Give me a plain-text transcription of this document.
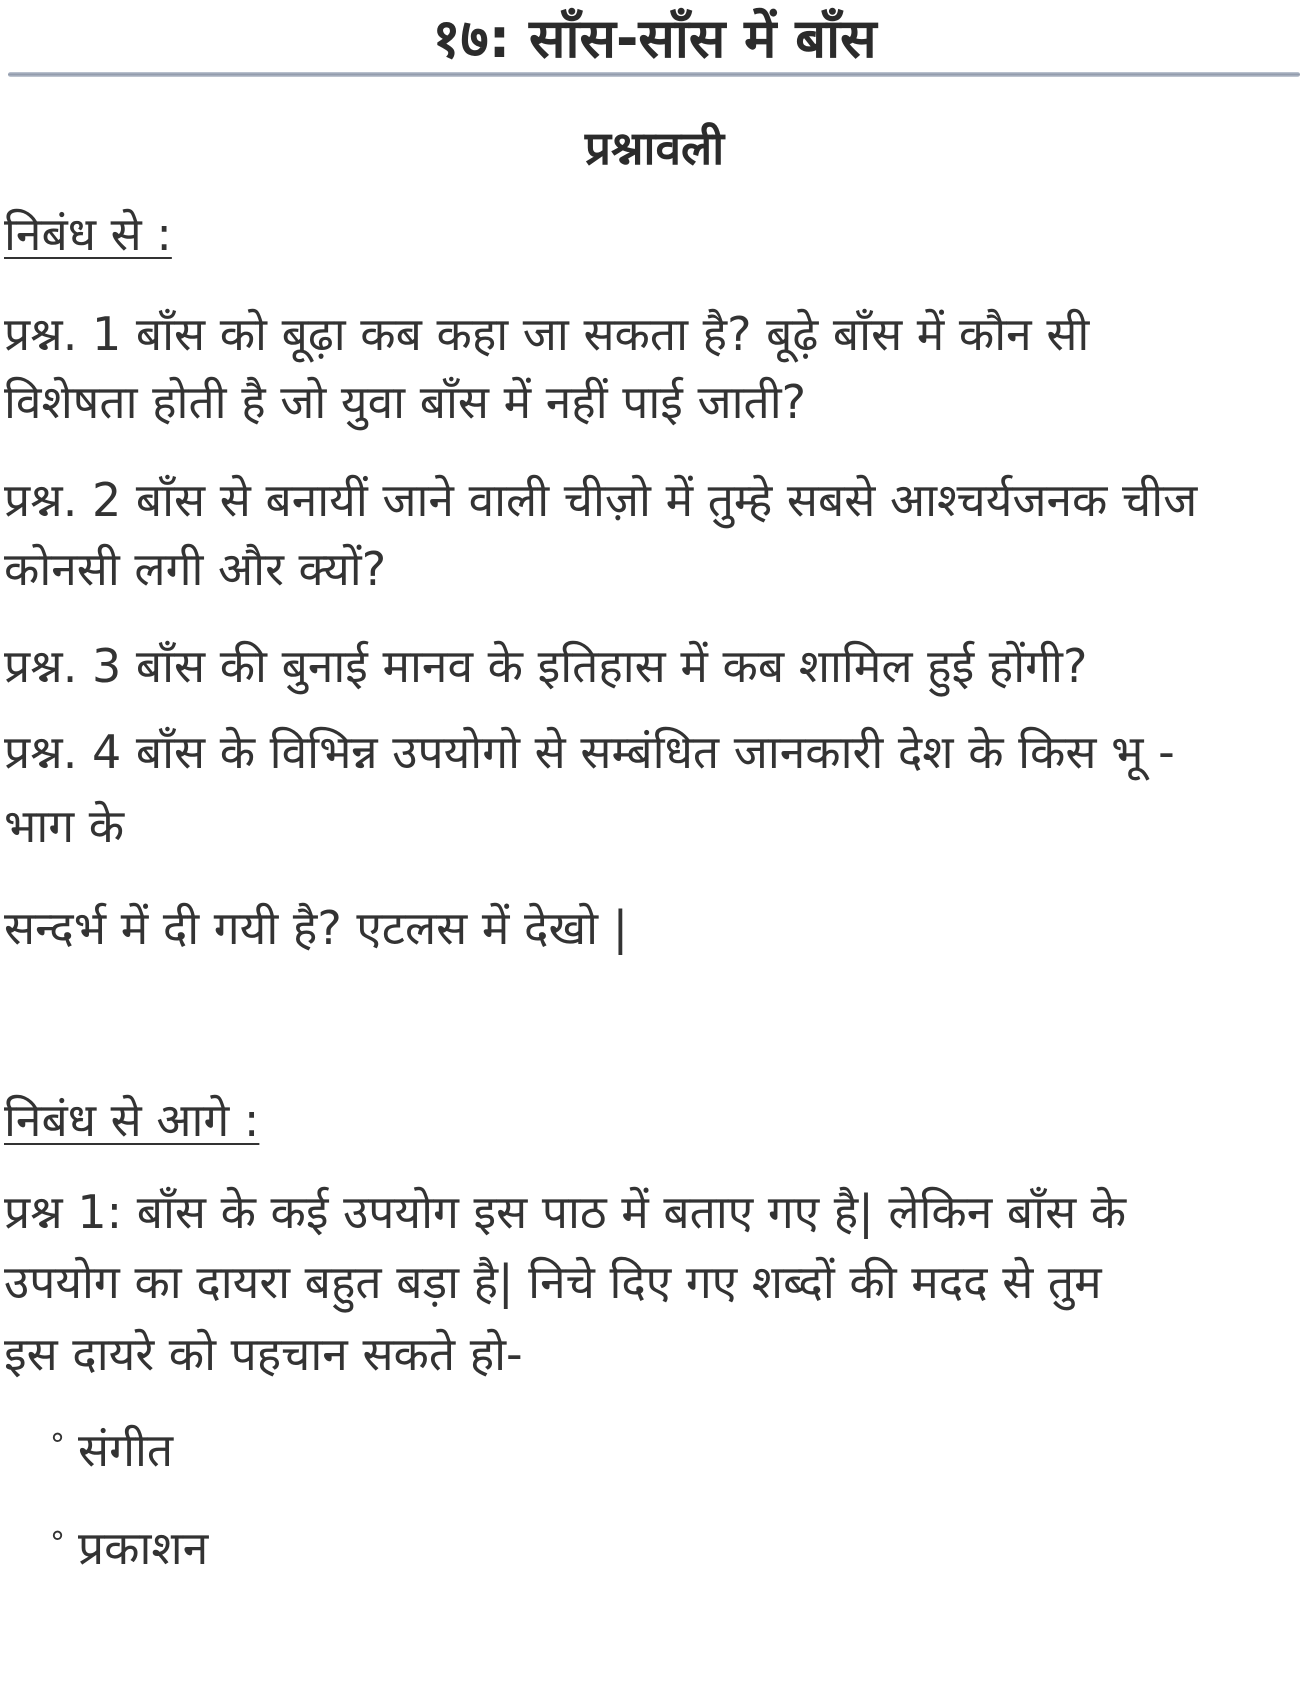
१७: साँस-साँस में बाँस
प्रश्नावली
निबंध से :
प्रश्न. 1 बाँस को बूढ़ा कब कहा जा सकता है? बूढ़े बाँस में कौन सी
विशेषता होती है जो युवा बाँस में नहीं पाई जाती?
प्रश्न. 2 बाँस से बनायीं जाने वाली चीज़ो में तुम्हे सबसे आश्चर्यजनक चीज
कोनसी लगी और क्यों?
प्रश्न. 3 बाँस की बुनाई मानव के इतिहास में कब शामिल हुई होंगी?
प्रश्न. 4 बाँस के विभिन्न उपयोगो से सम्बंधित जानकारी देश के किस भू -
भाग के
सन्दर्भ में दी गयी है? एटलस में देखो |
निबंध से आगे :
प्रश्न 1: बाँस के कई उपयोग इस पाठ में बताए गए है| लेकिन बाँस के
उपयोग का दायरा बहुत बड़ा है| निचे दिए गए शब्दों की मदद से तुम
इस दायरे को पहचान सकते हो-
° संगीत
° प्रकाशन
